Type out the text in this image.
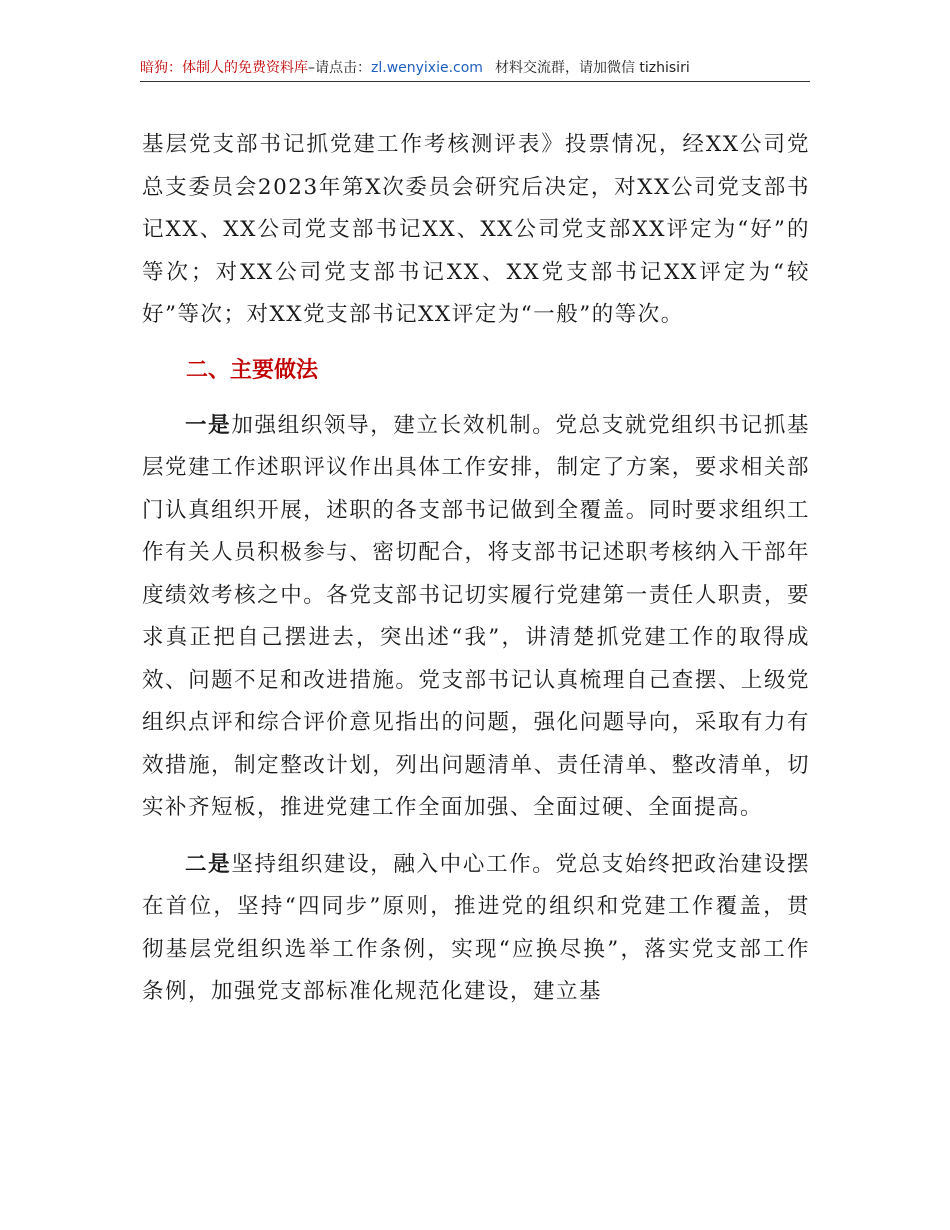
暗狗：体制人的免费资料库–请点击：zl.wenyixie.com 材料交流群，请加微信 tizhisiri

基层党支部书记抓党建工作考核测评表》投票情况，经XX公司党总支委员会2023年第X次委员会研究后决定，对XX公司党支部书记XX、XX公司党支部书记XX、XX公司党支部XX评定为“好”的等次；对XX公司党支部书记XX、XX党支部书记XX评定为“较好”等次；对XX党支部书记XX评定为“一般”的等次。

二、主要做法

一是加强组织领导，建立长效机制。党总支就党组织书记抓基层党建工作述职评议作出具体工作安排，制定了方案，要求相关部门认真组织开展，述职的各支部书记做到全覆盖。同时要求组织工作有关人员积极参与、密切配合，将支部书记述职考核纳入干部年度绩效考核之中。各党支部书记切实履行党建第一责任人职责，要求真正把自己摆进去，突出述“我”，讲清楚抓党建工作的取得成效、问题不足和改进措施。党支部书记认真梳理自己查摆、上级党组织点评和综合评价意见指出的问题，强化问题导向，采取有力有效措施，制定整改计划，列出问题清单、责任清单、整改清单，切实补齐短板，推进党建工作全面加强、全面过硬、全面提高。

二是坚持组织建设，融入中心工作。党总支始终把政治建设摆在首位，坚持“四同步”原则，推进党的组织和党建工作覆盖，贯彻基层党组织选举工作条例，实现“应换尽换”，落实党支部工作条例，加强党支部标准化规范化建设，建立基
